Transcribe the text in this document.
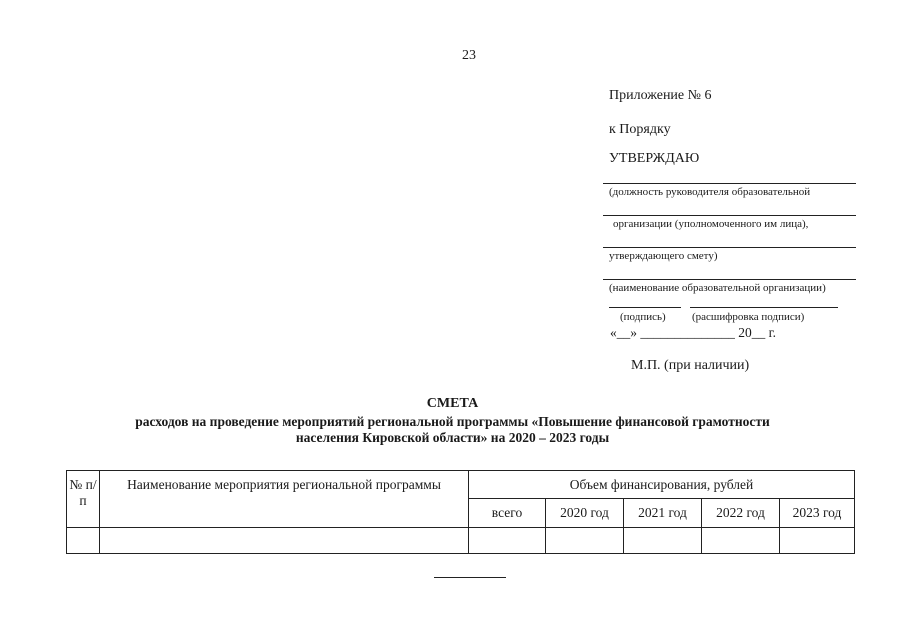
23
Приложение № 6
к Порядку
УТВЕРЖДАЮ
(должность руководителя образовательной
организации (уполномоченного им лица),
утверждающего смету)
(наименование образовательной организации)
(подпись) (расшифровка подписи)
«__» ______________ 20__ г.
М.П. (при наличии)
СМЕТА
расходов на проведение мероприятий региональной программы «Повышение финансовой грамотности
населения Кировской области» на 2020 – 2023 годы
№ п/п	Наименование мероприятия региональной программы	Объем финансирования, рублей				
		всего	2020 год	2021 год	2022 год	2023 год
